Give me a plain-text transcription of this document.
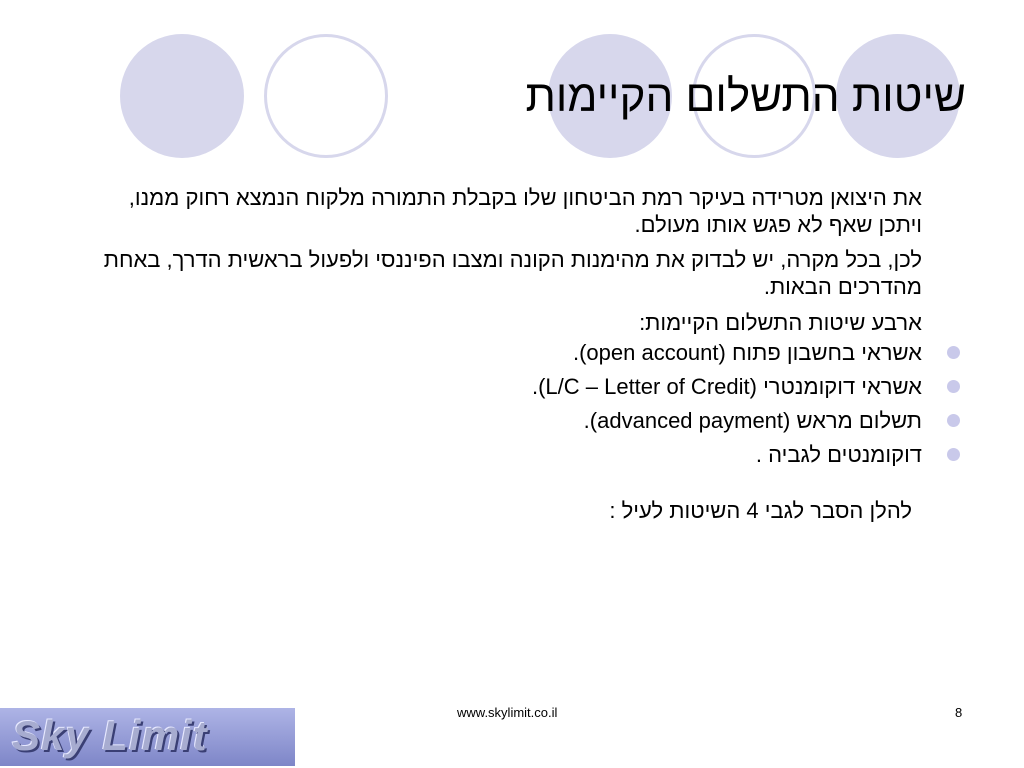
שיטות התשלום הקיימות
את היצואן מטרידה בעיקר רמת הביטחון שלו בקבלת התמורה מלקוח הנמצא רחוק ממנו, ויתכן שאף לא פגש אותו מעולם.
לכן, בכל מקרה, יש לבדוק את מהימנות הקונה ומצבו הפיננסי ולפעול בראשית הדרך, באחת מהדרכים הבאות.
ארבע שיטות התשלום הקיימות:
אשראי בחשבון פתוח (open account).
אשראי דוקומנטרי (L/C – Letter of Credit).
תשלום מראש (advanced payment).
דוקומנטים לגביה .
להלן הסבר לגבי 4 השיטות לעיל :
Sky Limit	www.skylimit.co.il	8
